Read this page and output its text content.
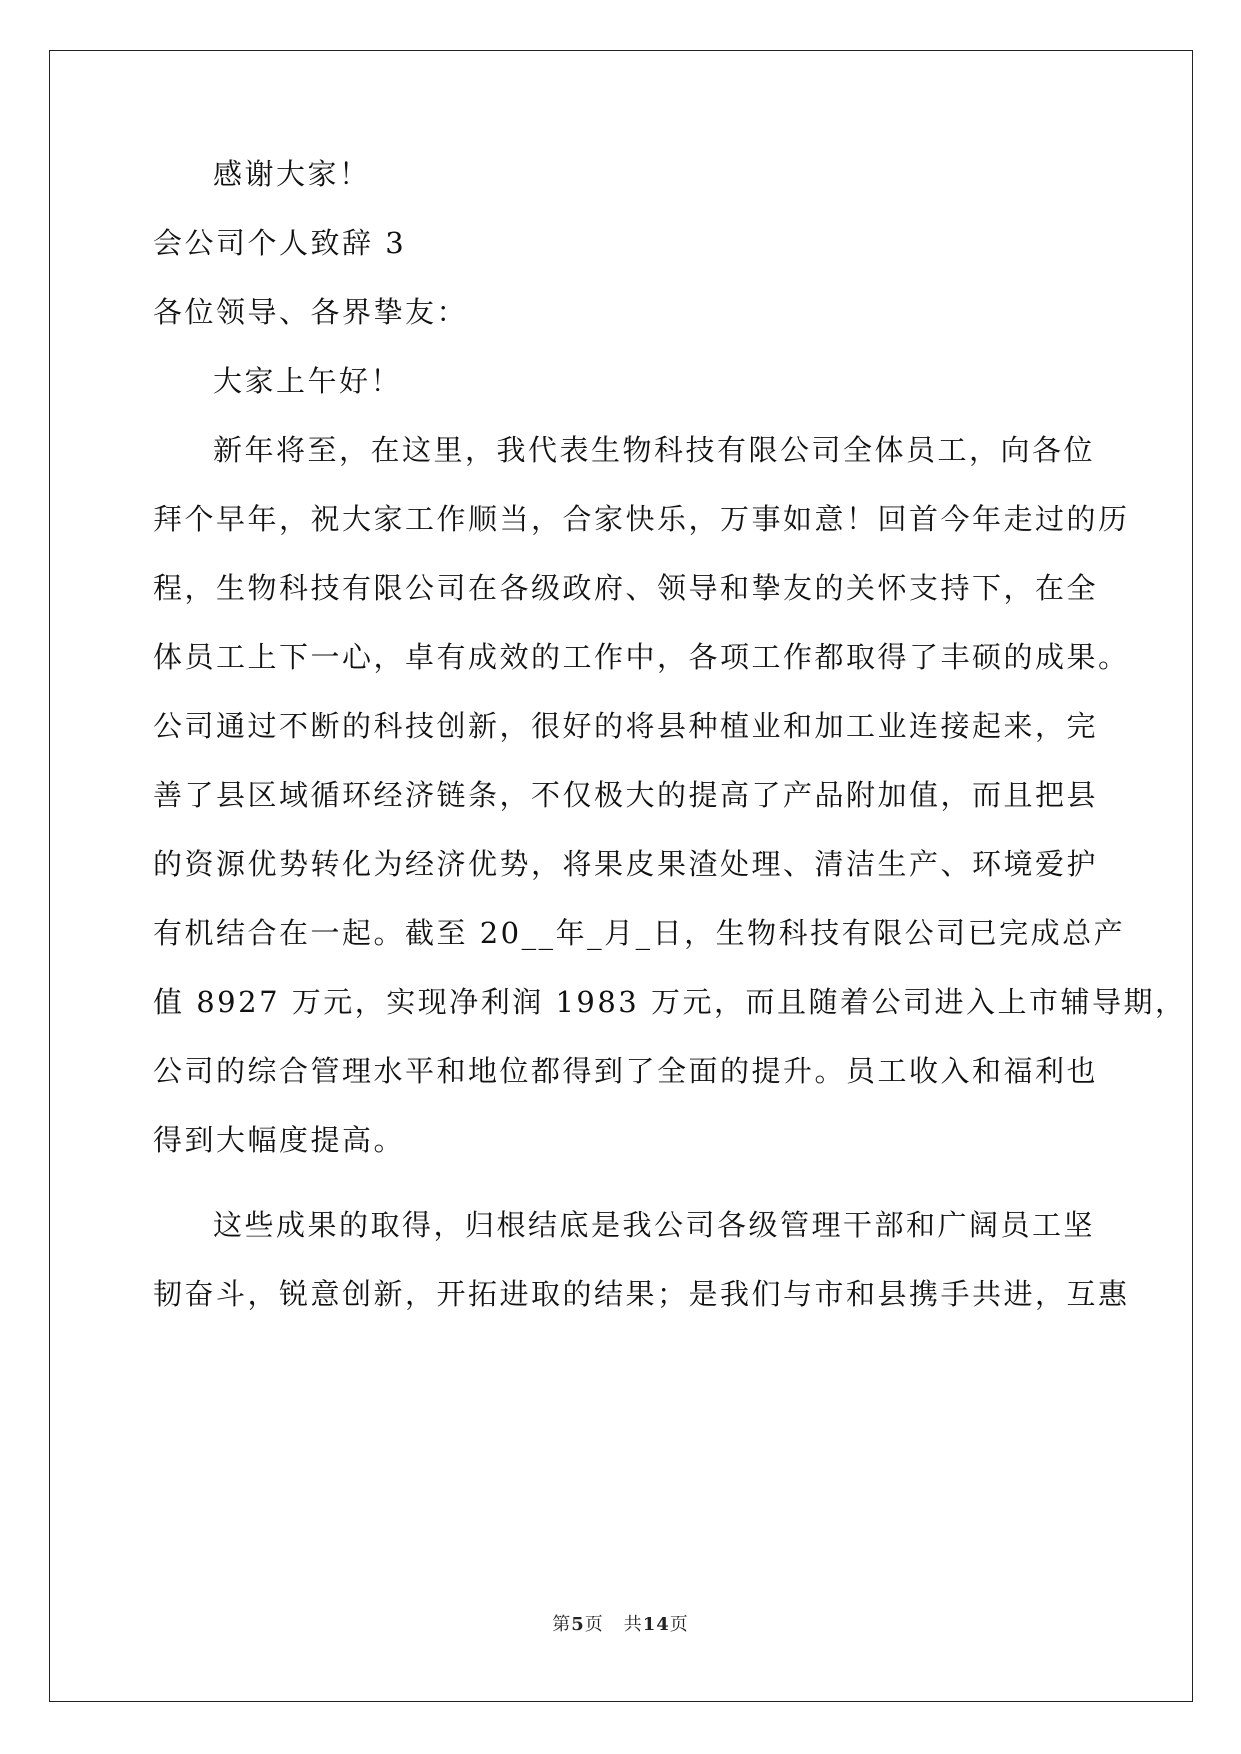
感谢大家！
会公司个人致辞 3
各位领导、各界挚友：
大家上午好！
新年将至，在这里，我代表生物科技有限公司全体员工，向各位
拜个早年，祝大家工作顺当，合家快乐，万事如意！回首今年走过的历
程，生物科技有限公司在各级政府、领导和挚友的关怀支持下，在全
体员工上下一心，卓有成效的工作中，各项工作都取得了丰硕的成果。
公司通过不断的科技创新，很好的将县种植业和加工业连接起来，完
善了县区域循环经济链条，不仅极大的提高了产品附加值，而且把县
的资源优势转化为经济优势，将果皮果渣处理、清洁生产、环境爱护
有机结合在一起。截至 20__年_月_日，生物科技有限公司已完成总产
值 8927 万元，实现净利润 1983 万元，而且随着公司进入上市辅导期，
公司的综合管理水平和地位都得到了全面的提升。员工收入和福利也
得到大幅度提高。
这些成果的取得，归根结底是我公司各级管理干部和广阔员工坚
韧奋斗，锐意创新，开拓进取的结果；是我们与市和县携手共进，互惠
第5页 共14页
